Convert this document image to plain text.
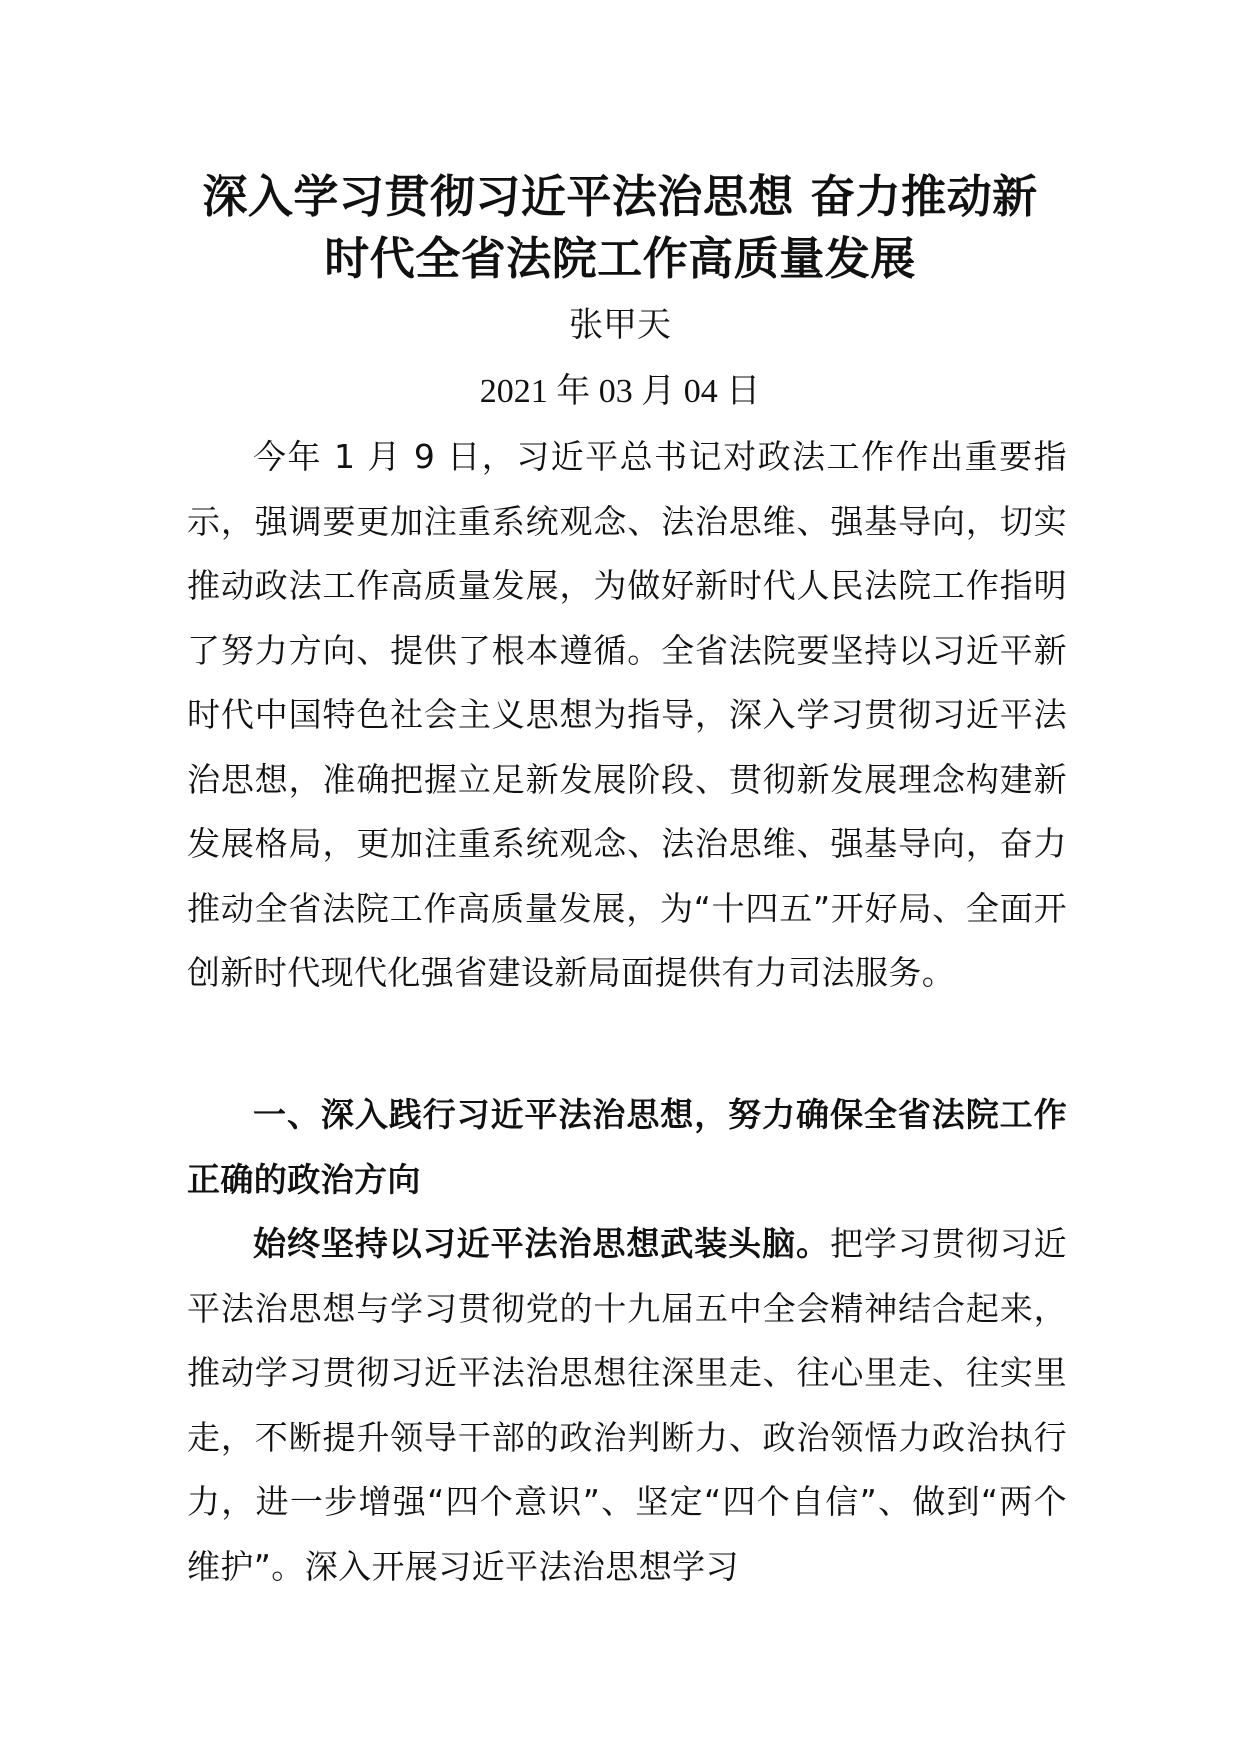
深入学习贯彻习近平法治思想 奋力推动新
时代全省法院工作高质量发展
张甲天
2021 年 03 月 04 日
今年 1 月 9 日，习近平总书记对政法工作作出重要指示，强调要更加注重系统观念、法治思维、强基导向，切实推动政法工作高质量发展，为做好新时代人民法院工作指明了努力方向、提供了根本遵循。全省法院要坚持以习近平新时代中国特色社会主义思想为指导，深入学习贯彻习近平法治思想，准确把握立足新发展阶段、贯彻新发展理念构建新发展格局，更加注重系统观念、法治思维、强基导向，奋力推动全省法院工作高质量发展，为“十四五”开好局、全面开创新时代现代化强省建设新局面提供有力司法服务。
一、深入践行习近平法治思想，努力确保全省法院工作正确的政治方向
始终坚持以习近平法治思想武装头脑。把学习贯彻习近平法治思想与学习贯彻党的十九届五中全会精神结合起来，推动学习贯彻习近平法治思想往深里走、往心里走、往实里走，不断提升领导干部的政治判断力、政治领悟力政治执行力，进一步增强“四个意识”、坚定“四个自信”、做到“两个维护”。深入开展习近平法治思想学习
